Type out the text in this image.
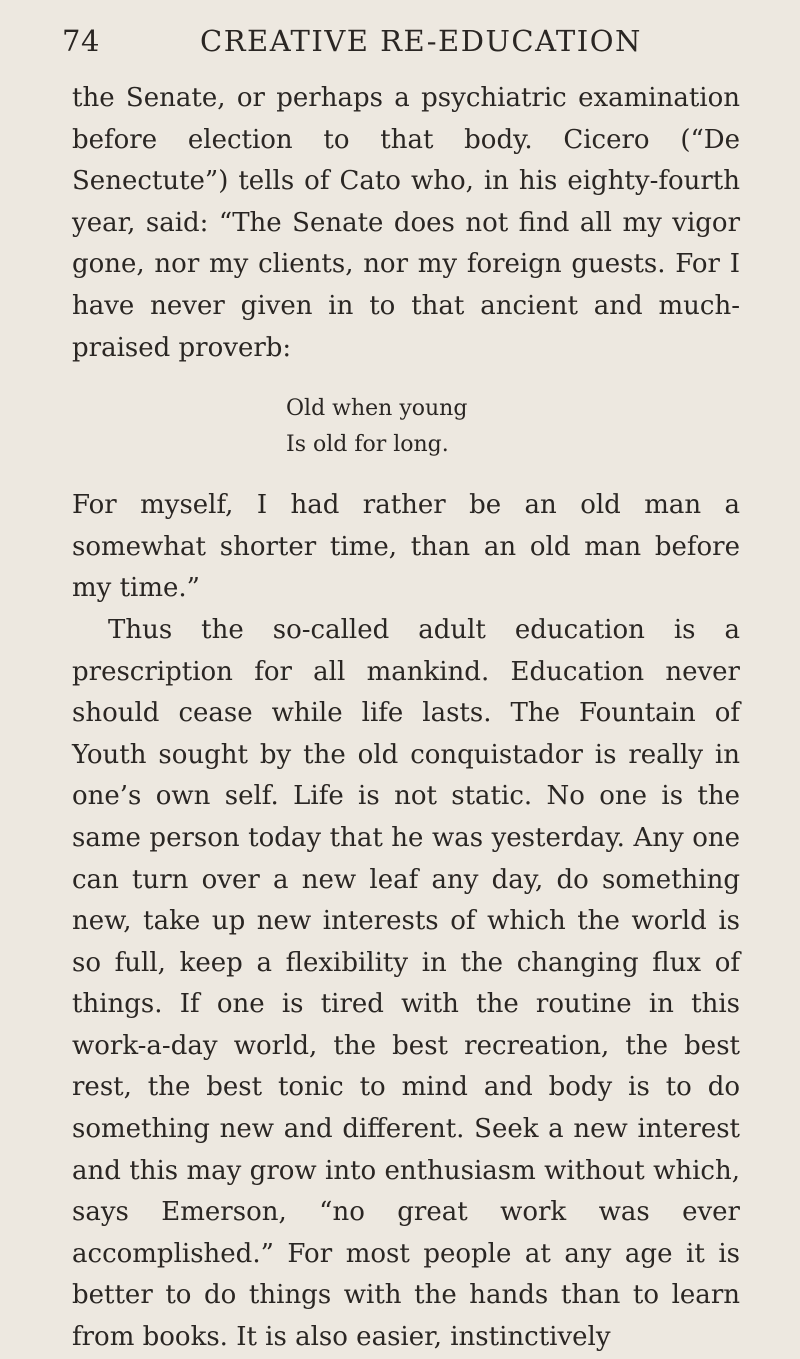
74	CREATIVE RE-EDUCATION

the Senate, or perhaps a psychiatric examination before election to that body. Cicero (“De Senectute”) tells of Cato who, in his eighty-fourth year, said: “The Senate does not find all my vigor gone, nor my clients, nor my foreign guests. For I have never given in to that ancient and much-praised proverb:

Old when young
Is old for long.

For myself, I had rather be an old man a somewhat shorter time, than an old man before my time.”

Thus the so-called adult education is a prescription for all mankind. Education never should cease while life lasts. The Fountain of Youth sought by the old conquistador is really in one’s own self. Life is not static. No one is the same person today that he was yesterday. Any one can turn over a new leaf any day, do something new, take up new interests of which the world is so full, keep a flexibility in the changing flux of things. If one is tired with the routine in this work-a-day world, the best recreation, the best rest, the best tonic to mind and body is to do something new and different. Seek a new interest and this may grow into enthusiasm without which, says Emerson, “no great work was ever accomplished.” For most people at any age it is better to do things with the hands than to learn from books. It is also easier, instinctively
